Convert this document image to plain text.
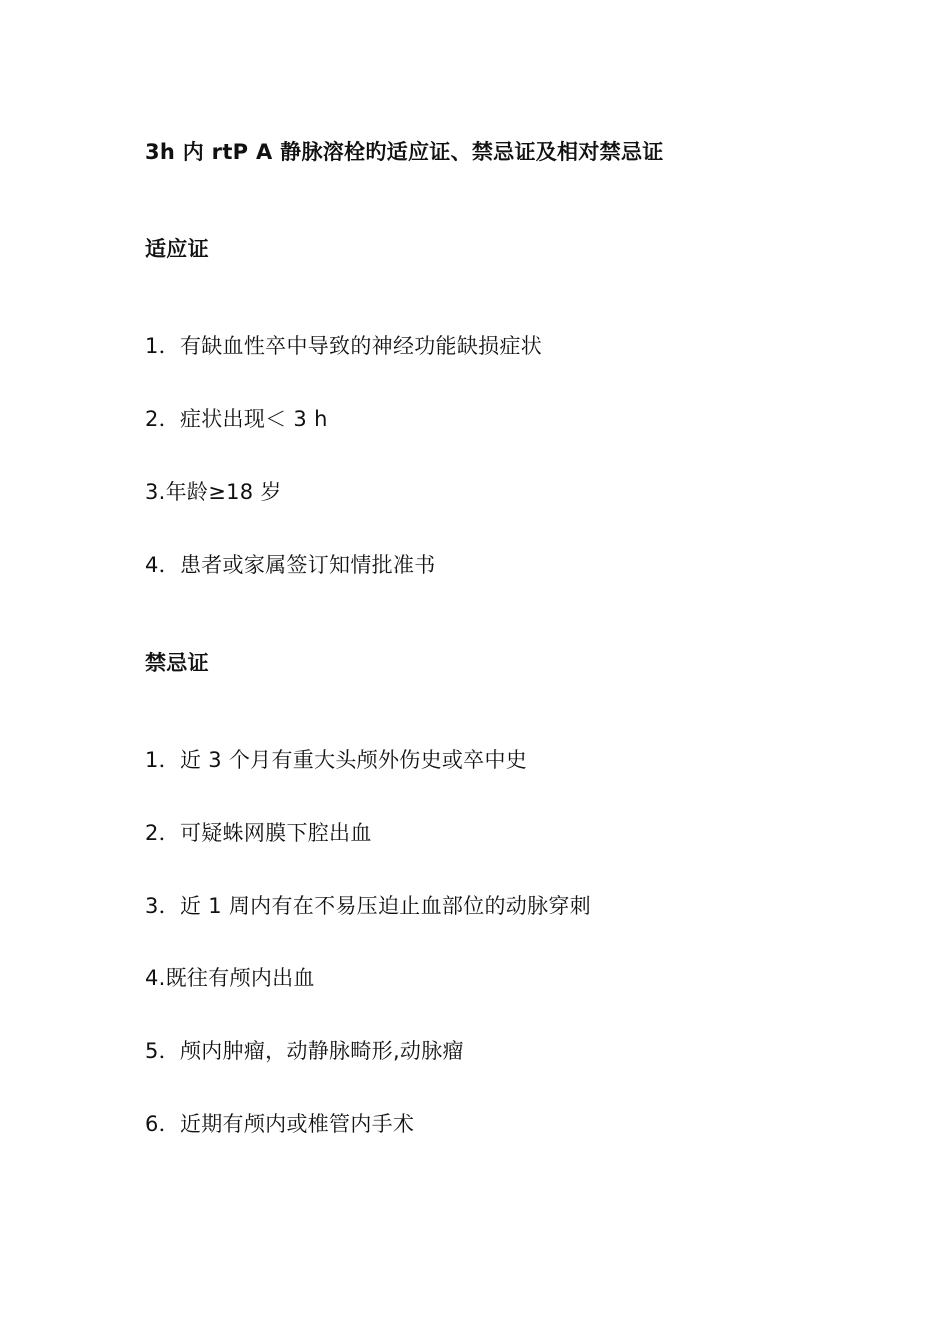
3h 内 rtP A 静脉溶栓旳适应证、禁忌证及相对禁忌证
适应证
1．有缺血性卒中导致的神经功能缺损症状
2．症状出现＜ 3 h
3.年龄≥18 岁
4．患者或家属签订知情批准书
禁忌证
1．近 3 个月有重大头颅外伤史或卒中史
2．可疑蛛网膜下腔出血
3．近 1 周内有在不易压迫止血部位的动脉穿刺
4.既往有颅内出血
5．颅内肿瘤，动静脉畸形,动脉瘤
6．近期有颅内或椎管内手术
